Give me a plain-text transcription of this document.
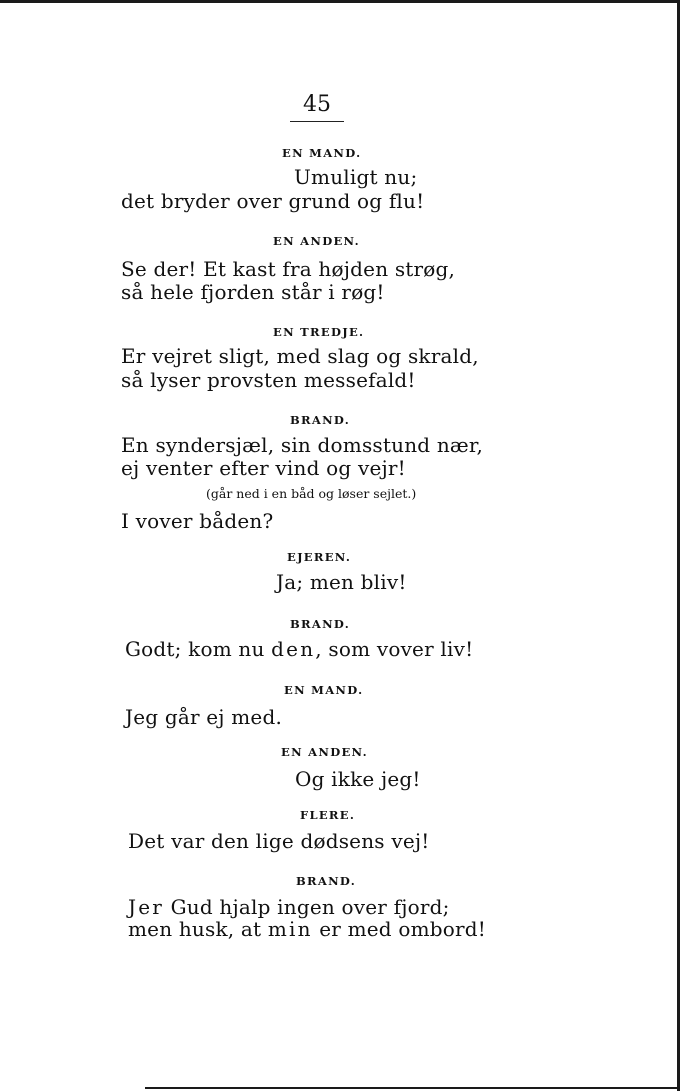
45
EN MAND.
Umuligt nu;
det bryder over grund og flu!
EN ANDEN.
Se der! Et kast fra højden strøg,
så hele fjorden står i røg!
EN TREDJE.
Er vejret sligt, med slag og skrald,
så lyser provsten messefald!
BRAND.
En syndersjæl, sin domsstund nær,
ej venter efter vind og vejr!
(går ned i en båd og løser sejlet.)
I vover båden?
EJEREN.
Ja; men bliv!
BRAND.
Godt; kom nu den, som vover liv!
EN MAND.
Jeg går ej med.
EN ANDEN.
Og ikke jeg!
FLERE.
Det var den lige dødsens vej!
BRAND.
Jer Gud hjalp ingen over fjord;
men husk, at min er med ombord!
